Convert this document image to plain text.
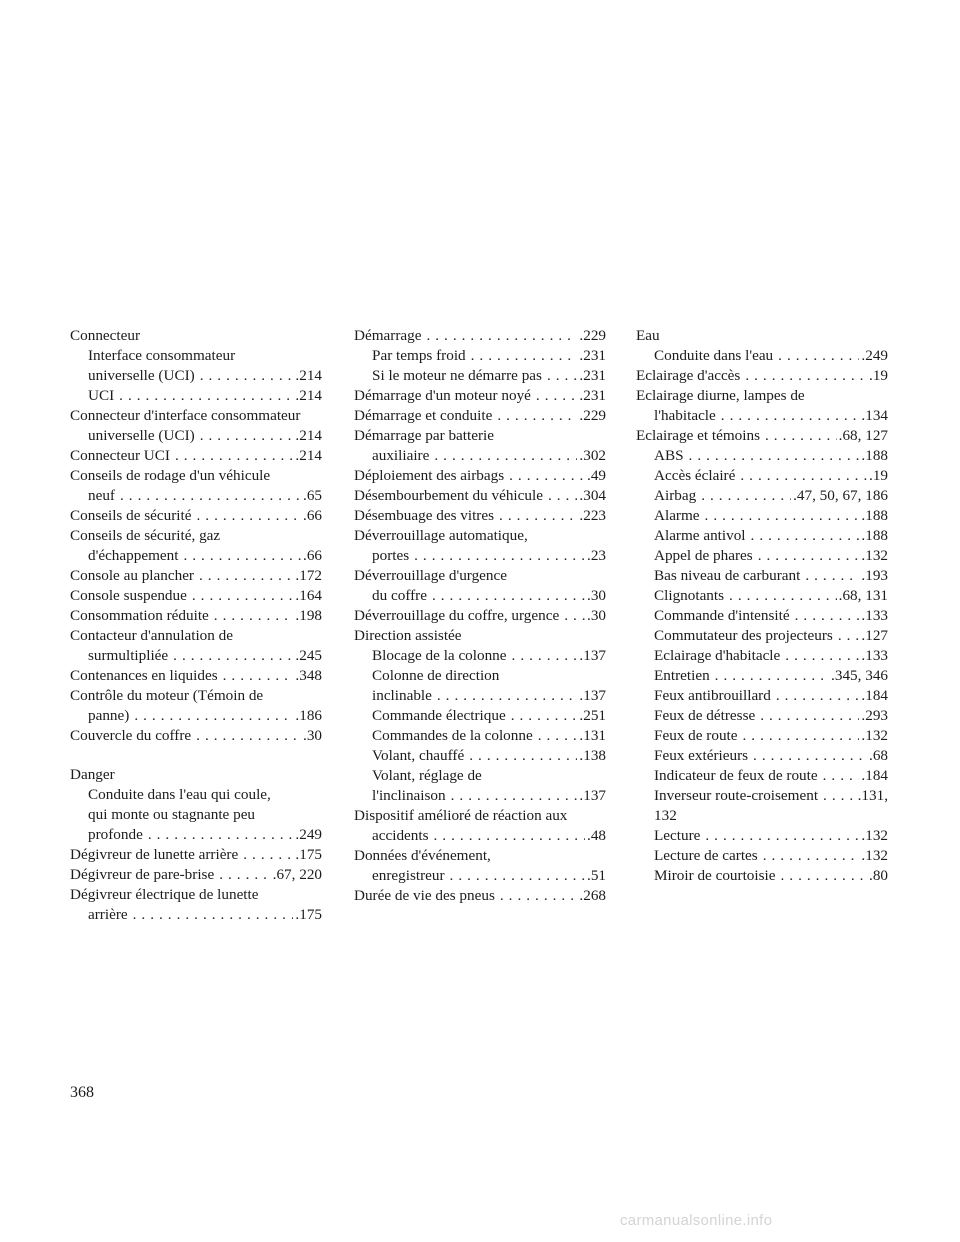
Connecteur
Interface consommateur
universelle (UCI) . . .	.214
UCI . . .	.214
Connecteur d'interface consommateur
universelle (UCI) . . .	.214
Connecteur UCI . . .	.214
Conseils de rodage d'un véhicule
neuf . . .	.65
Conseils de sécurité . . .	.66
Conseils de sécurité, gaz
d'échappement . . .	.66
Console au plancher . . .	.172
Console suspendue . . .	.164
Consommation réduite . . .	.198
Contacteur d'annulation de
surmultipliée . . .	.245
Contenances en liquides . . .	.348
Contrôle du moteur (Témoin de
panne) . . .	.186
Couvercle du coffre . . .	.30
Danger
Conduite dans l'eau qui coule,
qui monte ou stagnante peu
profonde . . .	.249
Dégivreur de lunette arrière . . .	.175
Dégivreur de pare-brise . . .	.67, 220
Dégivreur électrique de lunette
arrière . . .	.175
Démarrage . . .	.229
Par temps froid . . .	.231
Si le moteur ne démarre pas . . . .231
Démarrage d'un moteur noyé . . .	.231
Démarrage et conduite . . .	.229
Démarrage par batterie
auxiliaire . . .	.302
Déploiement des airbags . . .	.49
Désembourbement du véhicule . . . .304
Désembuage des vitres . . .	.223
Déverrouillage automatique,
portes . . .	.23
Déverrouillage d'urgence
du coffre . . .	.30
Déverrouillage du coffre, urgence . . . .30
Direction assistée
Blocage de la colonne . . .	.137
Colonne de direction
inclinable . . .	.137
Commande électrique . . .	.251
Commandes de la colonne . . .	.131
Volant, chauffé . . .	.138
Volant, réglage de
l'inclinaison . . .	.137
Dispositif amélioré de réaction aux
accidents . . .	.48
Données d'événement,
enregistreur . . .	.51
Durée de vie des pneus . . .	.268
Eau
Conduite dans l'eau . . .	.249
Eclairage d'accès . . .	.19
Eclairage diurne, lampes de
l'habitacle . . .	.134
Eclairage et témoins . . .	.68, 127
ABS . . .	.188
Accès éclairé . . .	.19
Airbag . . .	.47, 50, 67, 186
Alarme . . .	.188
Alarme antivol . . .	.188
Appel de phares . . .	.132
Bas niveau de carburant . . .	.193
Clignotants . . .	.68, 131
Commande d'intensité . . .	.133
Commutateur des projecteurs . . . .127
Eclairage d'habitacle . . .	.133
Entretien . . .	.345, 346
Feux antibrouillard . . .	.184
Feux de détresse . . .	.293
Feux de route . . .	.132
Feux extérieurs . . .	.68
Indicateur de feux de route . . .	.184
Inverseur route-croisement . . .	.131,
132
Lecture . . .	.132
Lecture de cartes . . .	.132
Miroir de courtoisie . . .	.80
368
carmanualsonline.info
